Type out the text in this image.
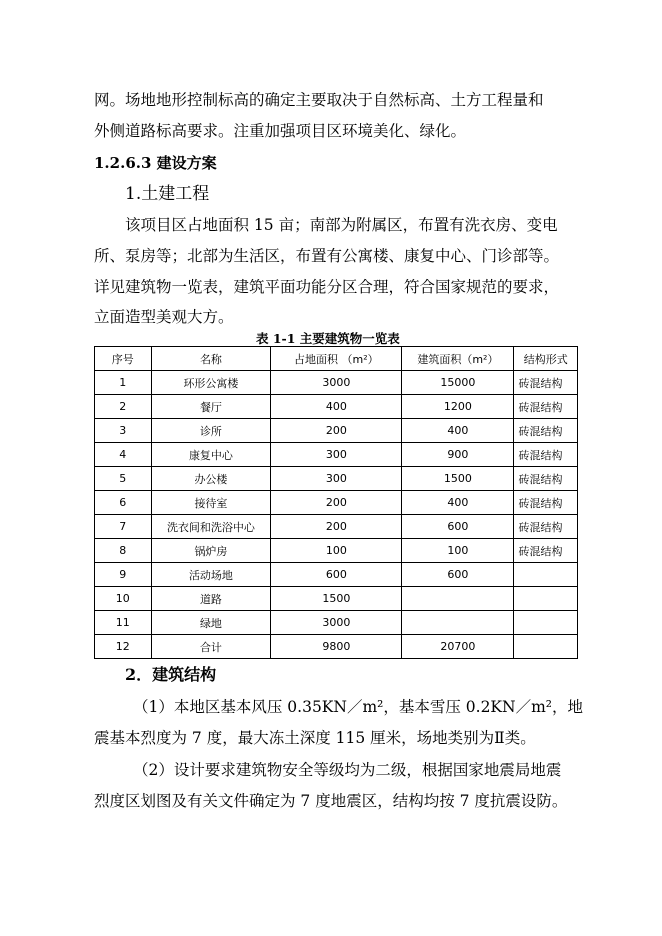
网。场地地形控制标高的确定主要取决于自然标高、土方工程量和
外侧道路标高要求。注重加强项目区环境美化、绿化。
1.2.6.3 建设方案
1.土建工程
该项目区占地面积 15 亩；南部为附属区，布置有洗衣房、变电
所、泵房等；北部为生活区，布置有公寓楼、康复中心、门诊部等。
详见建筑物一览表，建筑平面功能分区合理，符合国家规范的要求，
立面造型美观大方。
表 1-1 主要建筑物一览表
序号	名称	占地面积 （m²）	建筑面积（m²）	结构形式
1	环形公寓楼	3000	15000	砖混结构
2	餐厅	400	1200	砖混结构
3	诊所	200	400	砖混结构
4	康复中心	300	900	砖混结构
5	办公楼	300	1500	砖混结构
6	接待室	200	400	砖混结构
7	洗衣间和洗浴中心	200	600	砖混结构
8	锅炉房	100	100	砖混结构
9	活动场地	600	600	
10	道路	1500		
11	绿地	3000		
12	合计	9800	20700	
2．建筑结构
（1）本地区基本风压 0.35KN／m²，基本雪压 0.2KN／m²，地
震基本烈度为 7 度，最大冻土深度 115 厘米，场地类别为Ⅱ类。
（2）设计要求建筑物安全等级均为二级，根据国家地震局地震
烈度区划图及有关文件确定为 7 度地震区，结构均按 7 度抗震设防。
